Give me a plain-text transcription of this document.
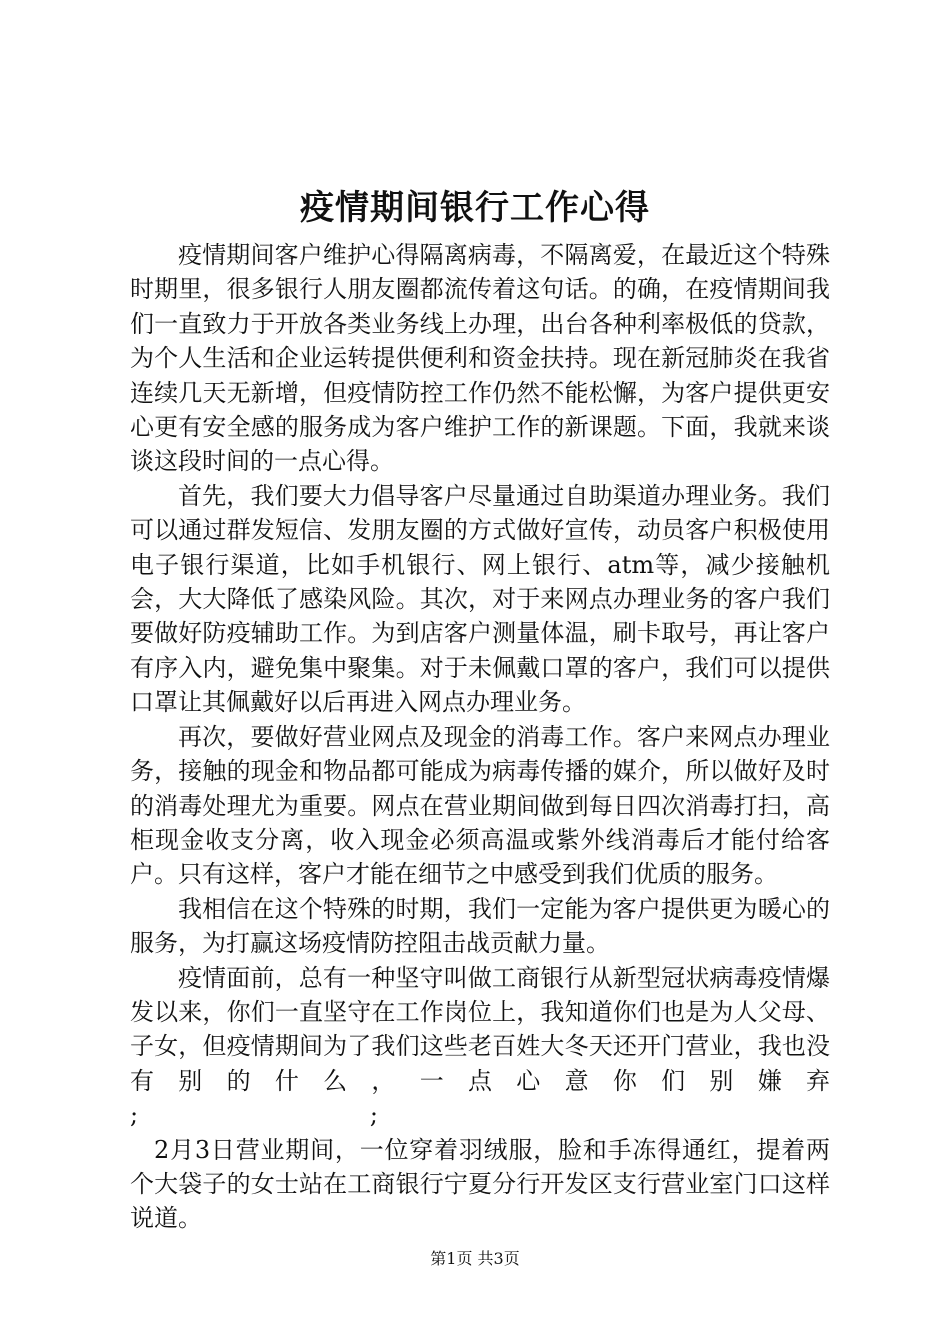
疫情期间银行工作心得

疫情期间客户维护心得隔离病毒，不隔离爱，在最近这个特殊时期里，很多银行人朋友圈都流传着这句话。的确，在疫情期间我们一直致力于开放各类业务线上办理，出台各种利率极低的贷款，为个人生活和企业运转提供便利和资金扶持。现在新冠肺炎在我省连续几天无新增，但疫情防控工作仍然不能松懈，为客户提供更安心更有安全感的服务成为客户维护工作的新课题。下面，我就来谈谈这段时间的一点心得。

首先，我们要大力倡导客户尽量通过自助渠道办理业务。我们可以通过群发短信、发朋友圈的方式做好宣传，动员客户积极使用电子银行渠道，比如手机银行、网上银行、atm等，减少接触机会，大大降低了感染风险。其次，对于来网点办理业务的客户我们要做好防疫辅助工作。为到店客户测量体温，刷卡取号，再让客户有序入内，避免集中聚集。对于未佩戴口罩的客户，我们可以提供口罩让其佩戴好以后再进入网点办理业务。

再次，要做好营业网点及现金的消毒工作。客户来网点办理业务，接触的现金和物品都可能成为病毒传播的媒介，所以做好及时的消毒处理尤为重要。网点在营业期间做到每日四次消毒打扫，高柜现金收支分离，收入现金必须高温或紫外线消毒后才能付给客户。只有这样，客户才能在细节之中感受到我们优质的服务。

我相信在这个特殊的时期，我们一定能为客户提供更为暖心的服务，为打赢这场疫情防控阻击战贡献力量。

疫情面前，总有一种坚守叫做工商银行从新型冠状病毒疫情爆发以来，你们一直坚守在工作岗位上，我知道你们也是为人父母、子女，但疫情期间为了我们这些老百姓大冬天还开门营业，我也没有别的什么，一点心意你们别嫌弃

;	;

2月3日营业期间，一位穿着羽绒服，脸和手冻得通红，提着两个大袋子的女士站在工商银行宁夏分行开发区支行营业室门口这样说道。

第1页 共3页
